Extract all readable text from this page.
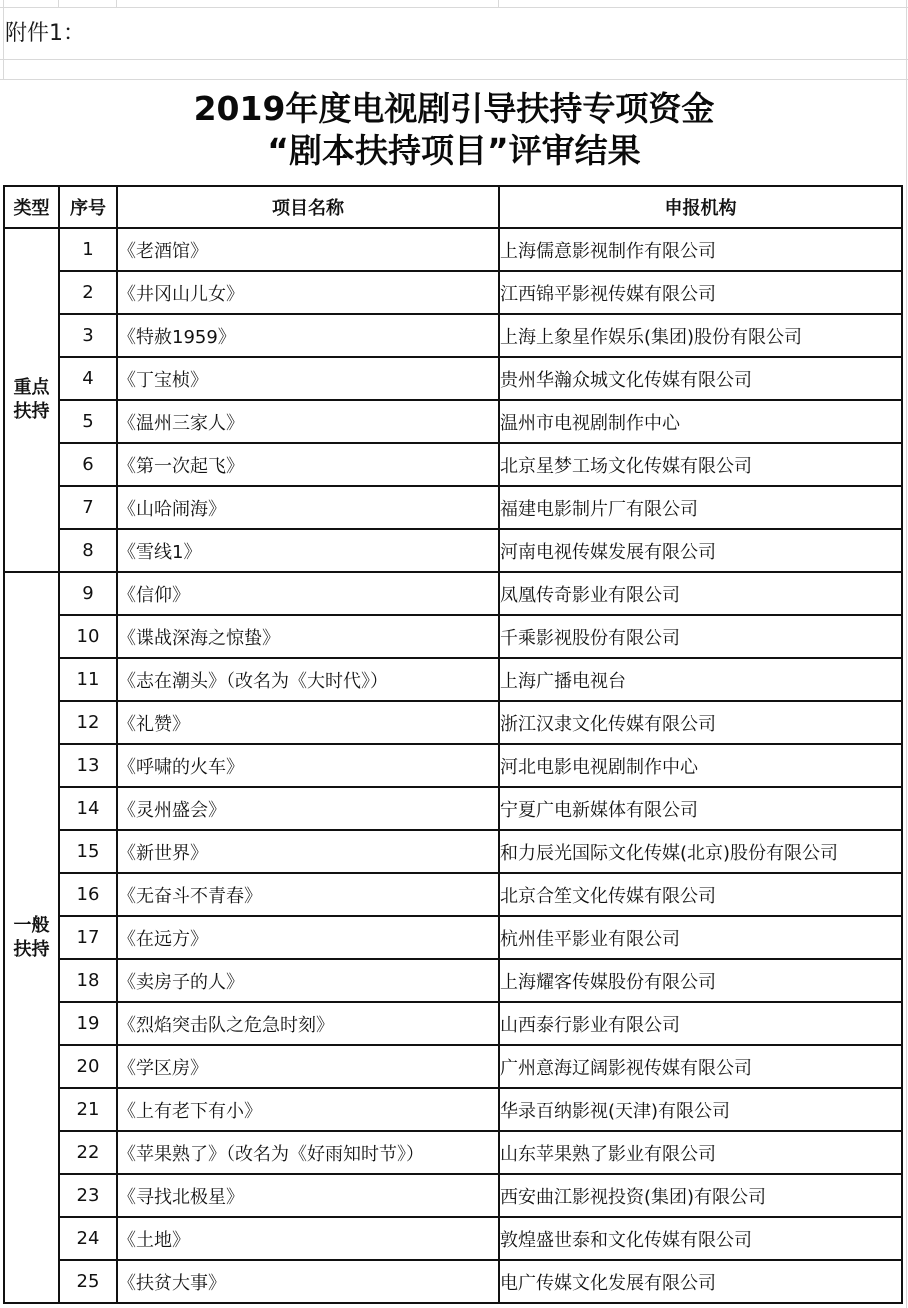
附件1：
2019年度电视剧引导扶持专项资金
“剧本扶持项目”评审结果
类型	序号	项目名称	申报机构

重点扶持	1	《老酒馆》	上海儒意影视制作有限公司
	2	《井冈山儿女》	江西锦平影视传媒有限公司
	3	《特赦1959》	上海上象星作娱乐(集团)股份有限公司
	4	《丁宝桢》	贵州华瀚众城文化传媒有限公司
	5	《温州三家人》	温州市电视剧制作中心
	6	《第一次起飞》	北京星梦工场文化传媒有限公司
	7	《山哈闹海》	福建电影制片厂有限公司
	8	《雪线1》	河南电视传媒发展有限公司

一般扶持	9	《信仰》	凤凰传奇影业有限公司
	10	《谍战深海之惊蛰》	千乘影视股份有限公司
	11	《志在潮头》（改名为《大时代》）	上海广播电视台
	12	《礼赞》	浙江汉隶文化传媒有限公司
	13	《呼啸的火车》	河北电影电视剧制作中心
	14	《灵州盛会》	宁夏广电新媒体有限公司
	15	《新世界》	和力辰光国际文化传媒(北京)股份有限公司
	16	《无奋斗不青春》	北京合笙文化传媒有限公司
	17	《在远方》	杭州佳平影业有限公司
	18	《卖房子的人》	上海耀客传媒股份有限公司
	19	《烈焰突击队之危急时刻》	山西泰行影业有限公司
	20	《学区房》	广州意海辽阔影视传媒有限公司
	21	《上有老下有小》	华录百纳影视(天津)有限公司
	22	《苹果熟了》（改名为《好雨知时节》）	山东苹果熟了影业有限公司
	23	《寻找北极星》	西安曲江影视投资(集团)有限公司
	24	《土地》	敦煌盛世泰和文化传媒有限公司
	25	《扶贫大事》	电广传媒文化发展有限公司
